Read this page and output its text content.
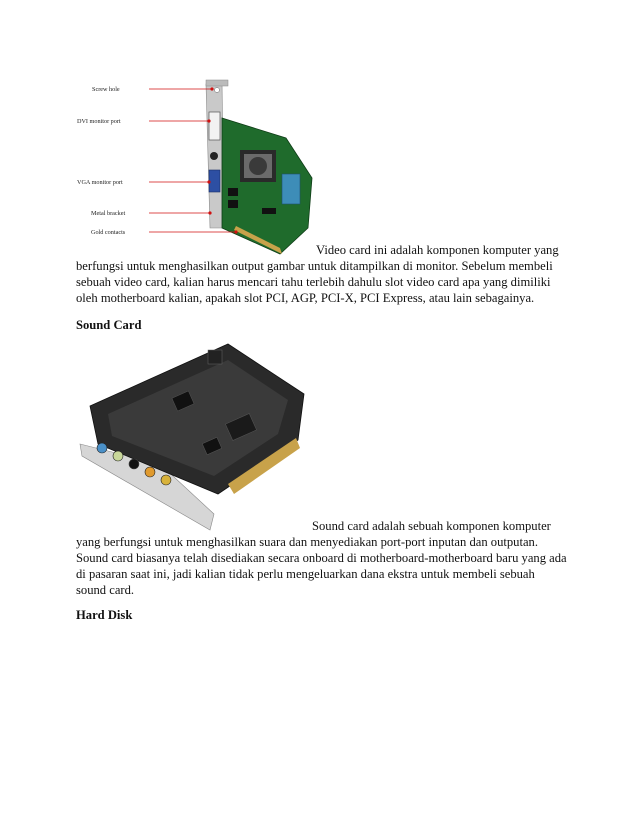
Screw hole
DVI monitor port
VGA monitor port
Metal bracket
Gold contacts
Video card ini adalah komponen komputer yang
berfungsi untuk menghasilkan output gambar untuk ditampilkan di monitor. Sebelum membeli
sebuah video card, kalian harus mencari tahu terlebih dahulu slot video card apa yang dimiliki
oleh motherboard kalian, apakah slot PCI, AGP, PCI-X, PCI Express, atau lain sebagainya.
Sound Card
Sound card adalah sebuah komponen komputer
yang berfungsi untuk menghasilkan suara dan menyediakan port-port inputan dan outputan.
Sound card biasanya telah disediakan secara onboard di motherboard-motherboard baru yang ada
di pasaran saat ini, jadi kalian tidak perlu mengeluarkan dana ekstra untuk membeli sebuah
sound card.
Hard Disk
